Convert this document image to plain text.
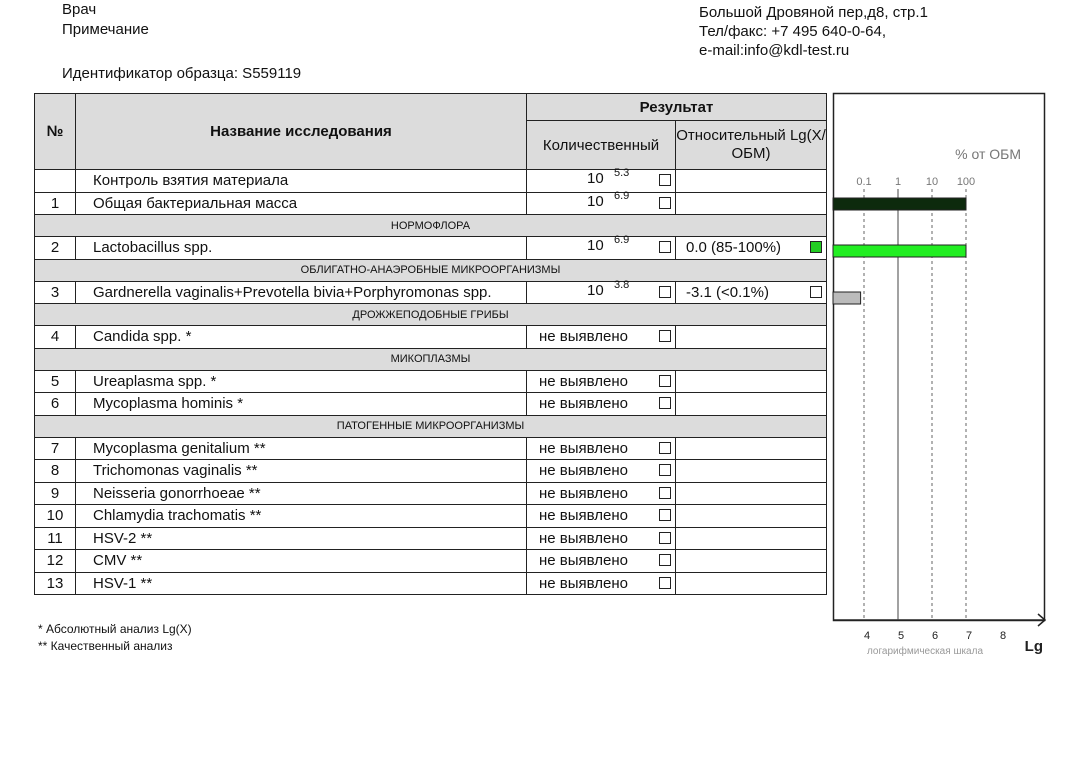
Врач
Примечание
Идентификатор образца: S559119
Большой Дровяной пер,д8, стр.1
Тел/факс: +7 495 640-0-64,
e-mail:info@kdl-test.ru
№	Название исследования	Результат	
		Количественный	Относительный Lg(X/ОБМ)
	Контроль взятия материала	10 5.3	

1	Общая бактериальная масса	10 6.9	

НОРМОФЛОРА			
2	Lactobacillus spp.	10 6.9	0.0 (85-100%)

ОБЛИГАТНО-АНАЭРОБНЫЕ МИКРООРГАНИЗМЫ			
3	Gardnerella vaginalis+Prevotella bivia+Porphyromonas spp.	10 3.8	-3.1 (<0.1%)

ДРОЖЖЕПОДОБНЫЕ ГРИБЫ			
4	Candida spp. *	не выявлено	

МИКОПЛАЗМЫ			
5	Ureaplasma spp. *	не выявлено	

6	Mycoplasma hominis *	не выявлено	

ПАТОГЕННЫЕ МИКРООРГАНИЗМЫ			
7	Mycoplasma genitalium **	не выявлено	

8	Trichomonas vaginalis **	не выявлено	

9	Neisseria gonorrhoeae **	не выявлено	

10	Chlamydia trachomatis **	не выявлено	

11	HSV-2 **	не выявлено	

12	CMV **	не выявлено	

13	HSV-1 **	не выявлено	

% от ОБМ
0.1 1 10 100
4	5	6	7	8
логарифмическая шкала	Lg
* Абсолютный анализ Lg(X)
** Качественный анализ
